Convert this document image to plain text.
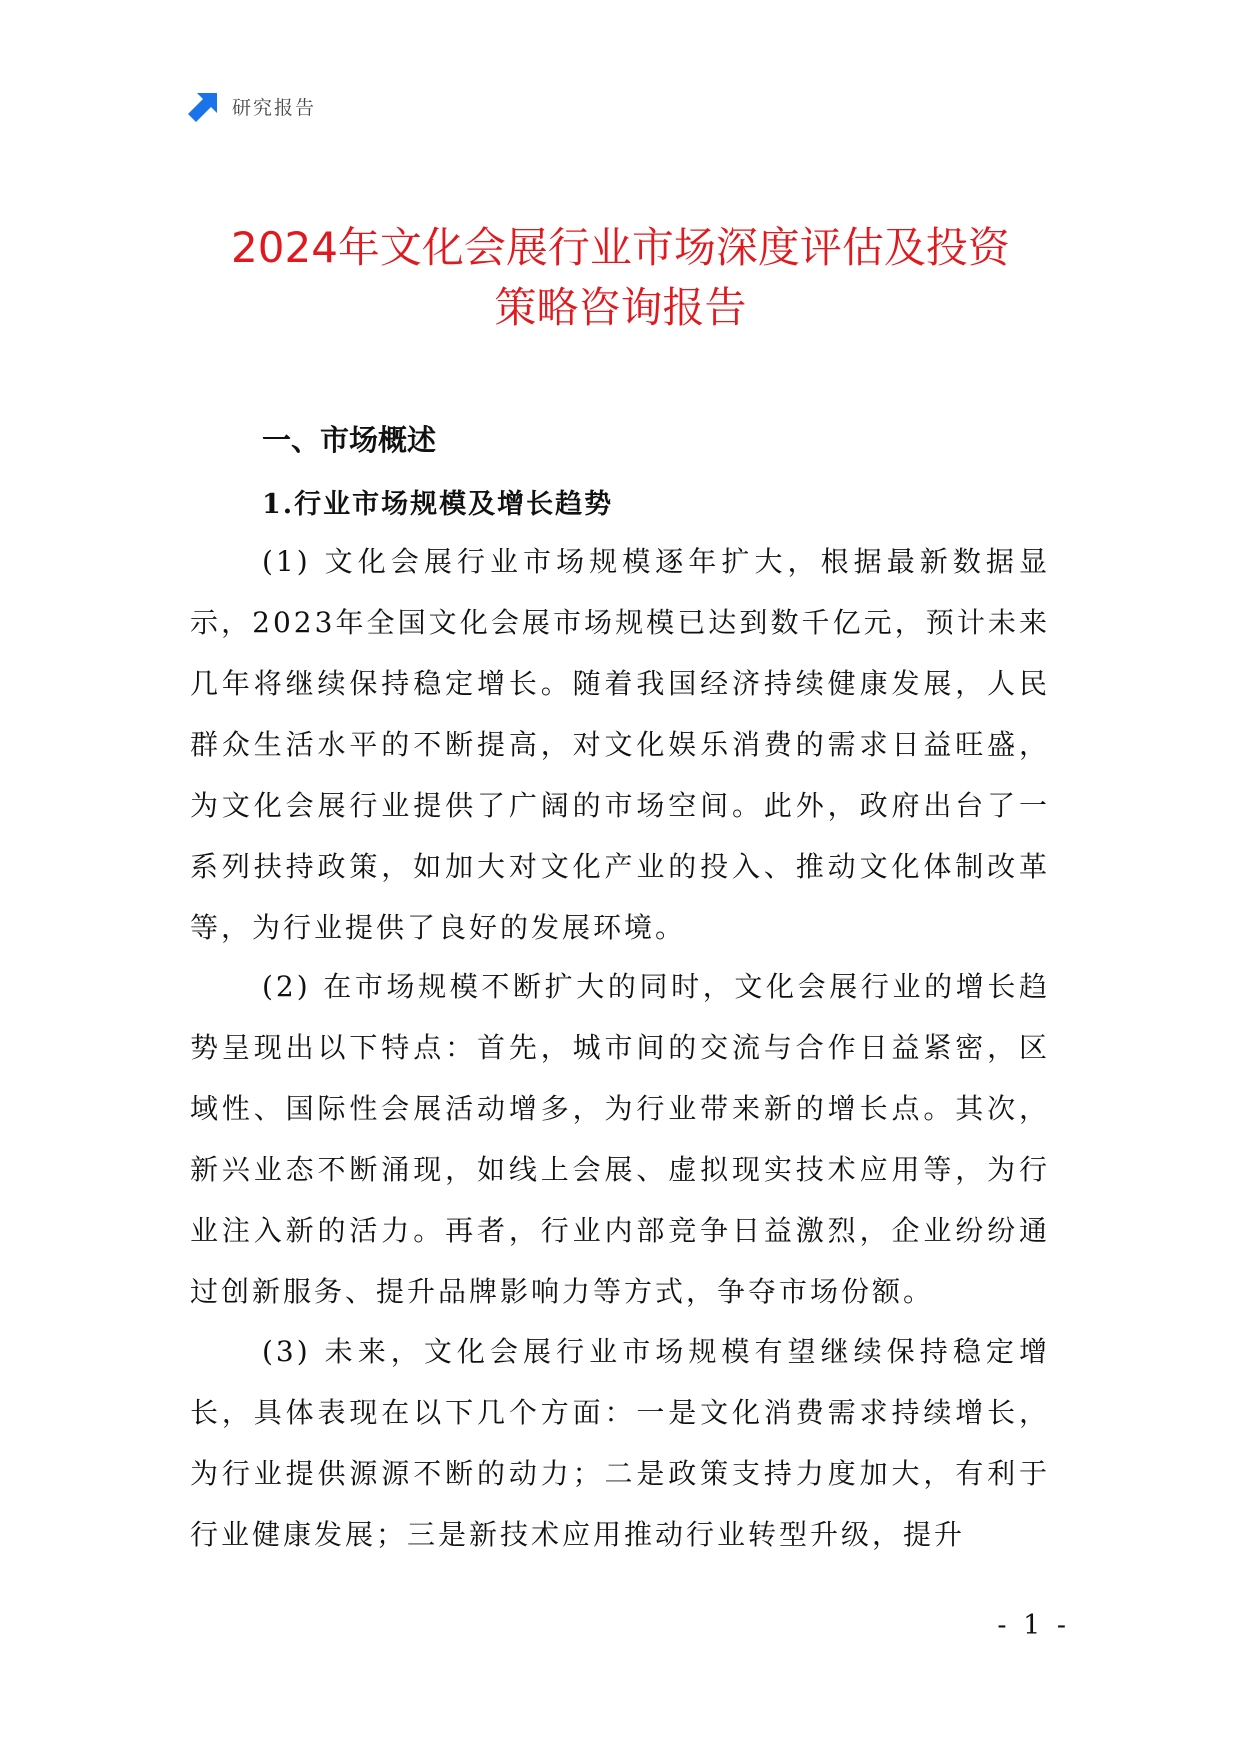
研究报告
2024年文化会展行业市场深度评估及投资
策略咨询报告
一、市场概述
1.行业市场规模及增长趋势

(1) 文化会展行业市场规模逐年扩大，根据最新数据显示，2023年全国文化会展市场规模已达到数千亿元，预计未来几年将继续保持稳定增长。随着我国经济持续健康发展，人民群众生活水平的不断提高，对文化娱乐消费的需求日益旺盛，为文化会展行业提供了广阔的市场空间。此外，政府出台了一系列扶持政策，如加大对文化产业的投入、推动文化体制改革等，为行业提供了良好的发展环境。

(2) 在市场规模不断扩大的同时，文化会展行业的增长趋势呈现出以下特点：首先，城市间的交流与合作日益紧密，区域性、国际性会展活动增多，为行业带来新的增长点。其次，新兴业态不断涌现，如线上会展、虚拟现实技术应用等，为行业注入新的活力。再者，行业内部竞争日益激烈，企业纷纷通过创新服务、提升品牌影响力等方式，争夺市场份额。

(3) 未来，文化会展行业市场规模有望继续保持稳定增长，具体表现在以下几个方面：一是文化消费需求持续增长，为行业提供源源不断的动力；二是政策支持力度加大，有利于行业健康发展；三是新技术应用推动行业转型升级，提升

- 1 -
